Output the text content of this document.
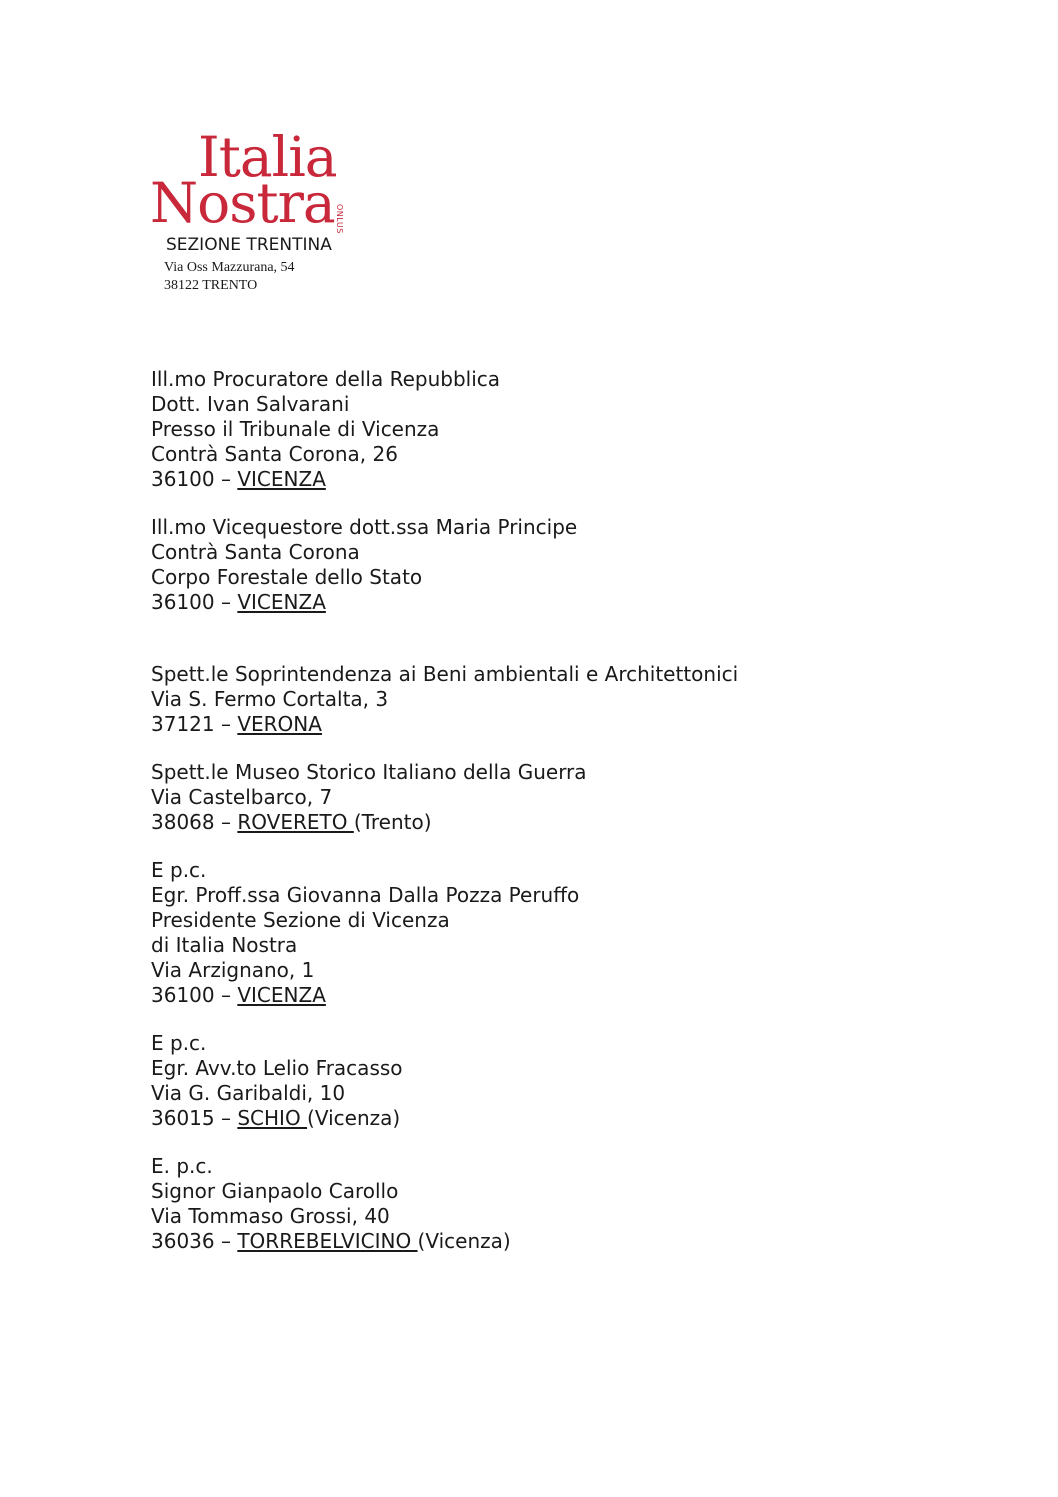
Italia
Nostra ONLUS
SEZIONE TRENTINA
Via Oss Mazzurana, 54
38122 TRENTO
Ill.mo Procuratore della Repubblica
Dott. Ivan Salvarani
Presso il Tribunale di Vicenza
Contrà Santa Corona, 26
36100 – VICENZA
Ill.mo Vicequestore dott.ssa Maria Principe
Contrà Santa Corona
Corpo Forestale dello Stato
36100 – VICENZA
Spett.le Soprintendenza ai Beni ambientali e Architettonici
Via S. Fermo Cortalta, 3
37121 – VERONA
Spett.le Museo Storico Italiano della Guerra
Via Castelbarco, 7
38068 – ROVERETO (Trento)
E p.c.
Egr. Proff.ssa Giovanna Dalla Pozza Peruffo
Presidente Sezione di Vicenza
di Italia Nostra
Via Arzignano, 1
36100 – VICENZA
E p.c.
Egr. Avv.to Lelio Fracasso
Via G. Garibaldi, 10
36015 – SCHIO (Vicenza)
E. p.c.
Signor Gianpaolo Carollo
Via Tommaso Grossi, 40
36036 – TORREBELVICINO (Vicenza)
